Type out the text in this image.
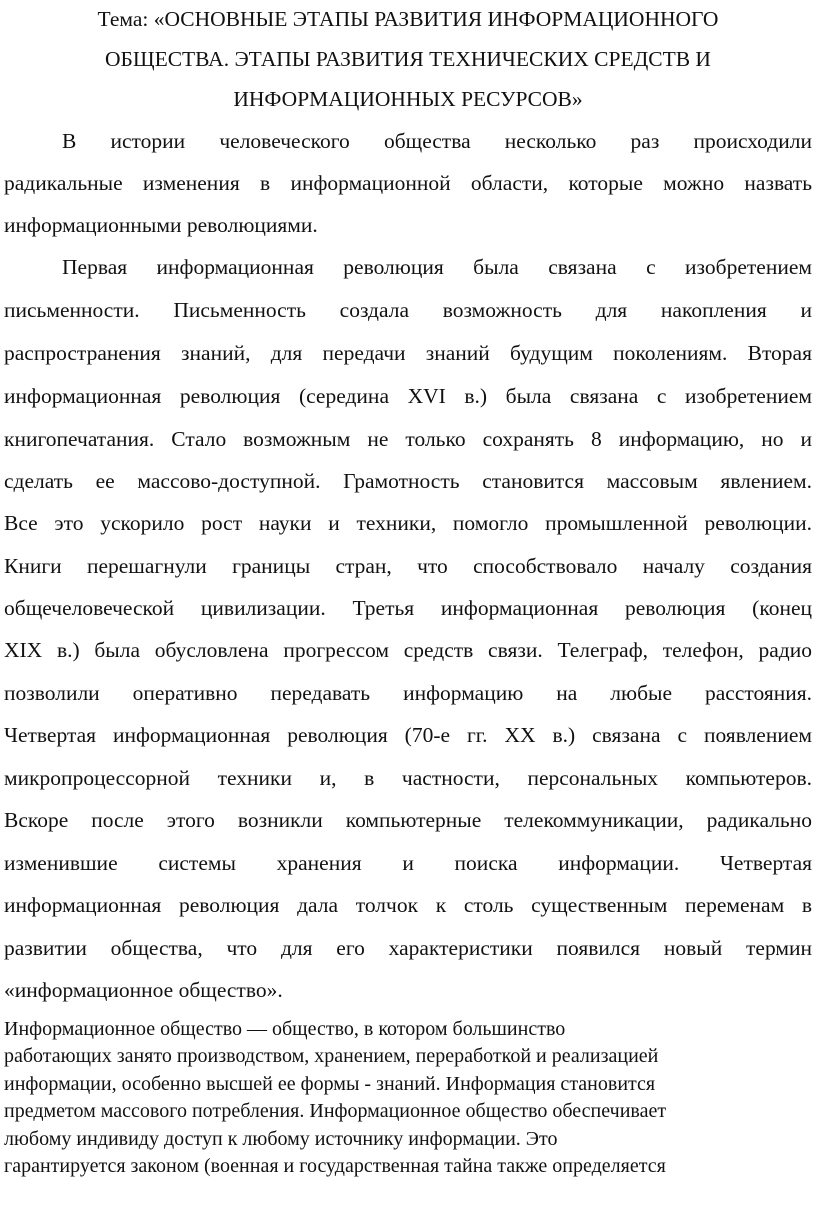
Тема: «ОСНОВНЫЕ ЭТАПЫ РАЗВИТИЯ ИНФОРМАЦИОННОГО
ОБЩЕСТВА. ЭТАПЫ РАЗВИТИЯ ТЕХНИЧЕСКИХ СРЕДСТВ И
ИНФОРМАЦИОННЫХ РЕСУРСОВ»
В истории человеческого общества несколько раз происходили
радикальные изменения в информационной области, которые можно назвать
информационными революциями.
Первая информационная революция была связана с изобретением
письменности. Письменность создала возможность для накопления и
распространения знаний, для передачи знаний будущим поколениям. Вторая
информационная революция (середина XVI в.) была связана с изобретением
книгопечатания. Стало возможным не только сохранять 8 информацию, но и
сделать ее массово-доступной. Грамотность становится массовым явлением.
Все это ускорило рост науки и техники, помогло промышленной революции.
Книги перешагнули границы стран, что способствовало началу создания
общечеловеческой цивилизации. Третья информационная революция (конец
XIX в.) была обусловлена прогрессом средств связи. Телеграф, телефон, радио
позволили оперативно передавать информацию на любые расстояния.
Четвертая информационная революция (70-е гг. XX в.) связана с появлением
микропроцессорной техники и, в частности, персональных компьютеров.
Вскоре после этого возникли компьютерные телекоммуникации, радикально
изменившие системы хранения и поиска информации. Четвертая
информационная революция дала толчок к столь существенным переменам в
развитии общества, что для его характеристики появился новый термин
«информационное общество».
Информационное общество — общество, в котором большинство
работающих занято производством, хранением, переработкой и реализацией
информации, особенно высшей ее формы - знаний. Информация становится
предметом массового потребления. Информационное общество обеспечивает
любому индивиду доступ к любому источнику информации. Это
гарантируется законом (военная и государственная тайна также определяется
